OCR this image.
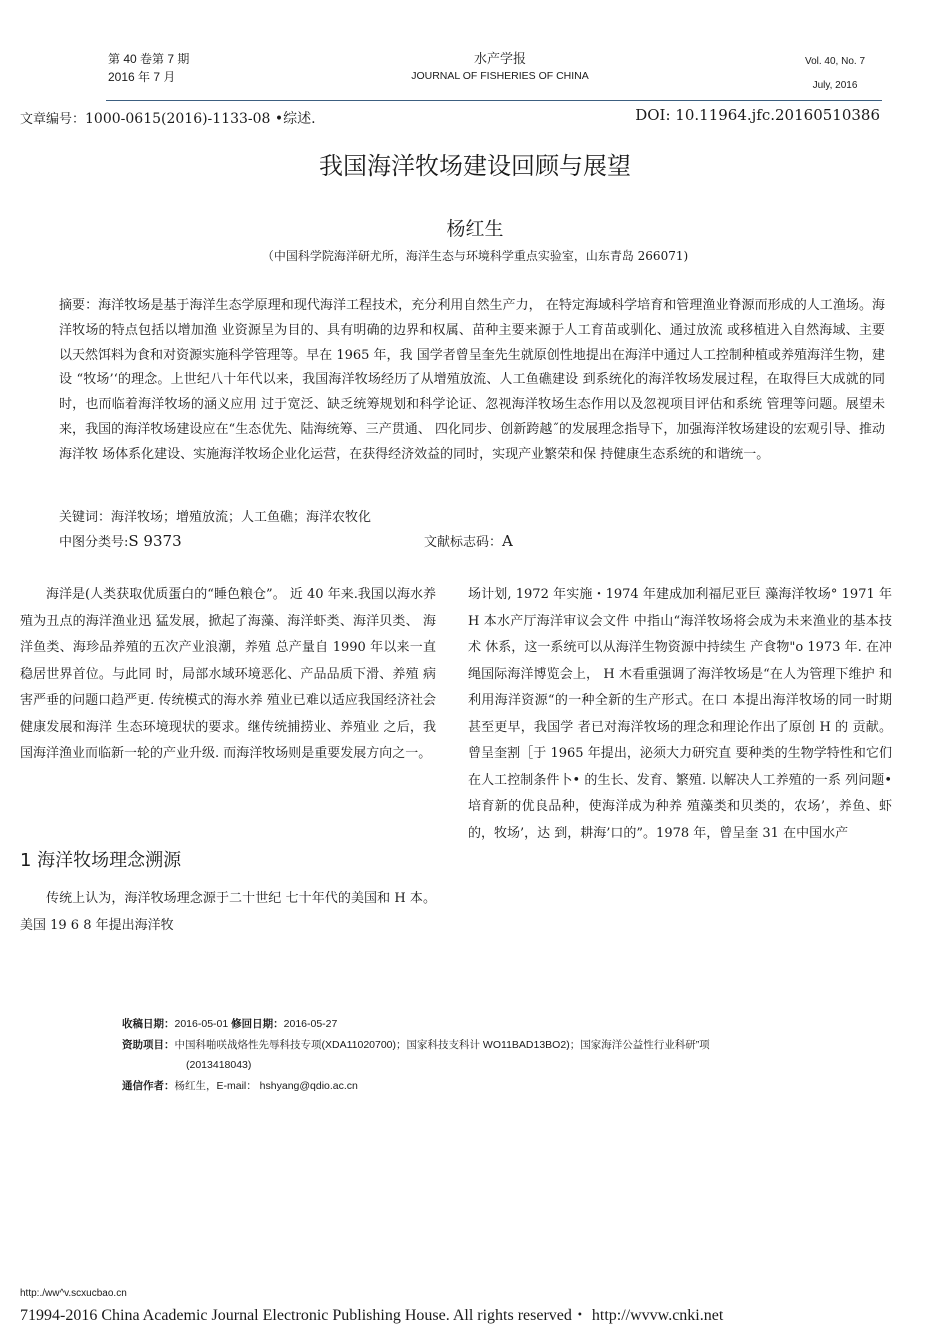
第 40 卷第 7 期
2016 年 7 月
水产学报
JOURNAL OF FISHERIES OF CHINA
Vol. 40, No. 7
July, 2016
文章编号：1000-0615(2016)-1133-08 •综述.	DOI: 10.11964.jfc.20160510386
我国海洋牧场建设回顾与展望
杨红生
（中国科学院海洋研尤所，海洋生态与环境科学重点实验室，山东青岛 266071)
摘要：海洋牧场是基于海洋生态学原理和现代海洋工程技术，充分利用自然生产力， 在特定海域科学培育和管理渔业脊源而形成的人工渔场。海洋牧场的特点包括以增加渔 业资源呈为目的、具有明确的边界和权属、苗种主要来源于人工育苗或驯化、通过放流 或移植进入自然海域、主要以天然饵料为食和对资源实施科学管理等。早在 1965 年，我 国学者曾呈奎先生就原创性地提出在海洋中通过人工控制种植或养殖海洋生物，建设 “牧场’‘的理念。上世纪八十年代以来，我国海洋牧场经历了从增殖放流、人工鱼礁建设 到系统化的海洋牧场发展过程，在取得巨大成就的同时，也而临着海洋牧场的涵义应用 过于宽泛、缺乏统筹规划和科学论证、忽视海洋牧场生态作用以及忽视项目评估和系统 管理等问题。展望未来，我国的海洋牧场建设应在“生态优先、陆海统筹、三产贯通、 四化同步、创新跨越˝的发展理念指导下，加强海洋牧场建设的宏观引导、推动海洋牧 场体系化建设、实施海洋牧场企业化运营，在获得经济效益的同时，实现产业繁荣和保 持健康生态系统的和谐统一。
关键词：海洋牧场；增殖放流；人工鱼礁；海洋农牧化
中图分类号:S 9373	文献标志码：A

海洋是(人类获取优质蛋白的“睡色粮仓”。 近 40 年来.我国以海水养殖为丑点的海洋渔业迅 猛发展，掀起了海藻、海洋虾类、海洋贝类、 海洋鱼类、海珍品养殖的五次产业浪潮，养殖 总产量自 1990 年以来一直稳居世界首位。与此同 时，局部水域环境恶化、产品品质下滑、养殖 病害严垂的问题口趋严更. 传统模式的海水养 殖业已难以适应我国经济社会健康发展和海洋 生态环境现状的要求。继传统捕捞业、养殖业 之后，我国海洋渔业而临新一轮的产业升级. 而海洋牧场则是重要发展方向之一。

1 海洋牧场理念溯源

传统上认为，海洋牧场理念源于二十世纪 七十年代的美国和 H 本。美国 19 6 8 年提出海洋牧

场计划, 1972 年实施・1974 年建成加利福尼亚巨 藻海洋牧场° 1971 年 H 本水产厅海洋审议会文件 中指山“海洋牧场将会成为未来渔业的基本技术 休系，这一系统可以从海洋生物资源中持续生 产食物"o 1973 年. 在冲绳国际海洋博览会上， H 木看重强调了海洋牧场是“在人为管理下维护 和利用海洋资源“的一种全新的生产形式。在口 本提出海洋牧场的同一时期甚至更早，我国学 者已对海洋牧场的理念和理论作出了原创 H 的 贡献。曾呈奎割［于 1965 年提出，泌须大力研究直 要种类的生物学特性和它们在人工控制条件卜• 的生长、发育、繁殖. 以解决人工养殖的一系 列问题•培育新的优良品种，使海洋成为种养 殖藻类和贝类的，农场’，养鱼、虾的，牧场’，达 到，耕海’口的”。1978 年，曾呈奎 31 在中国水产

收稿日期：2016-05-01 修回日期：2016-05-27
资助项目：中国科啪咲战烙性先辱科技专项(XDA11020700)；国家科技支科计 WO11BAD13BO2)；国家海洋公益性行业科研”项
(2013418043)
通信作者：杨红生，E-mail： hshyang@qdio.ac.cn
http:./ww^v.scxucbao.cn
71994-2016 China Academic Journal Electronic Publishing House. All rights reserved・ http://wvvw.cnki.net
